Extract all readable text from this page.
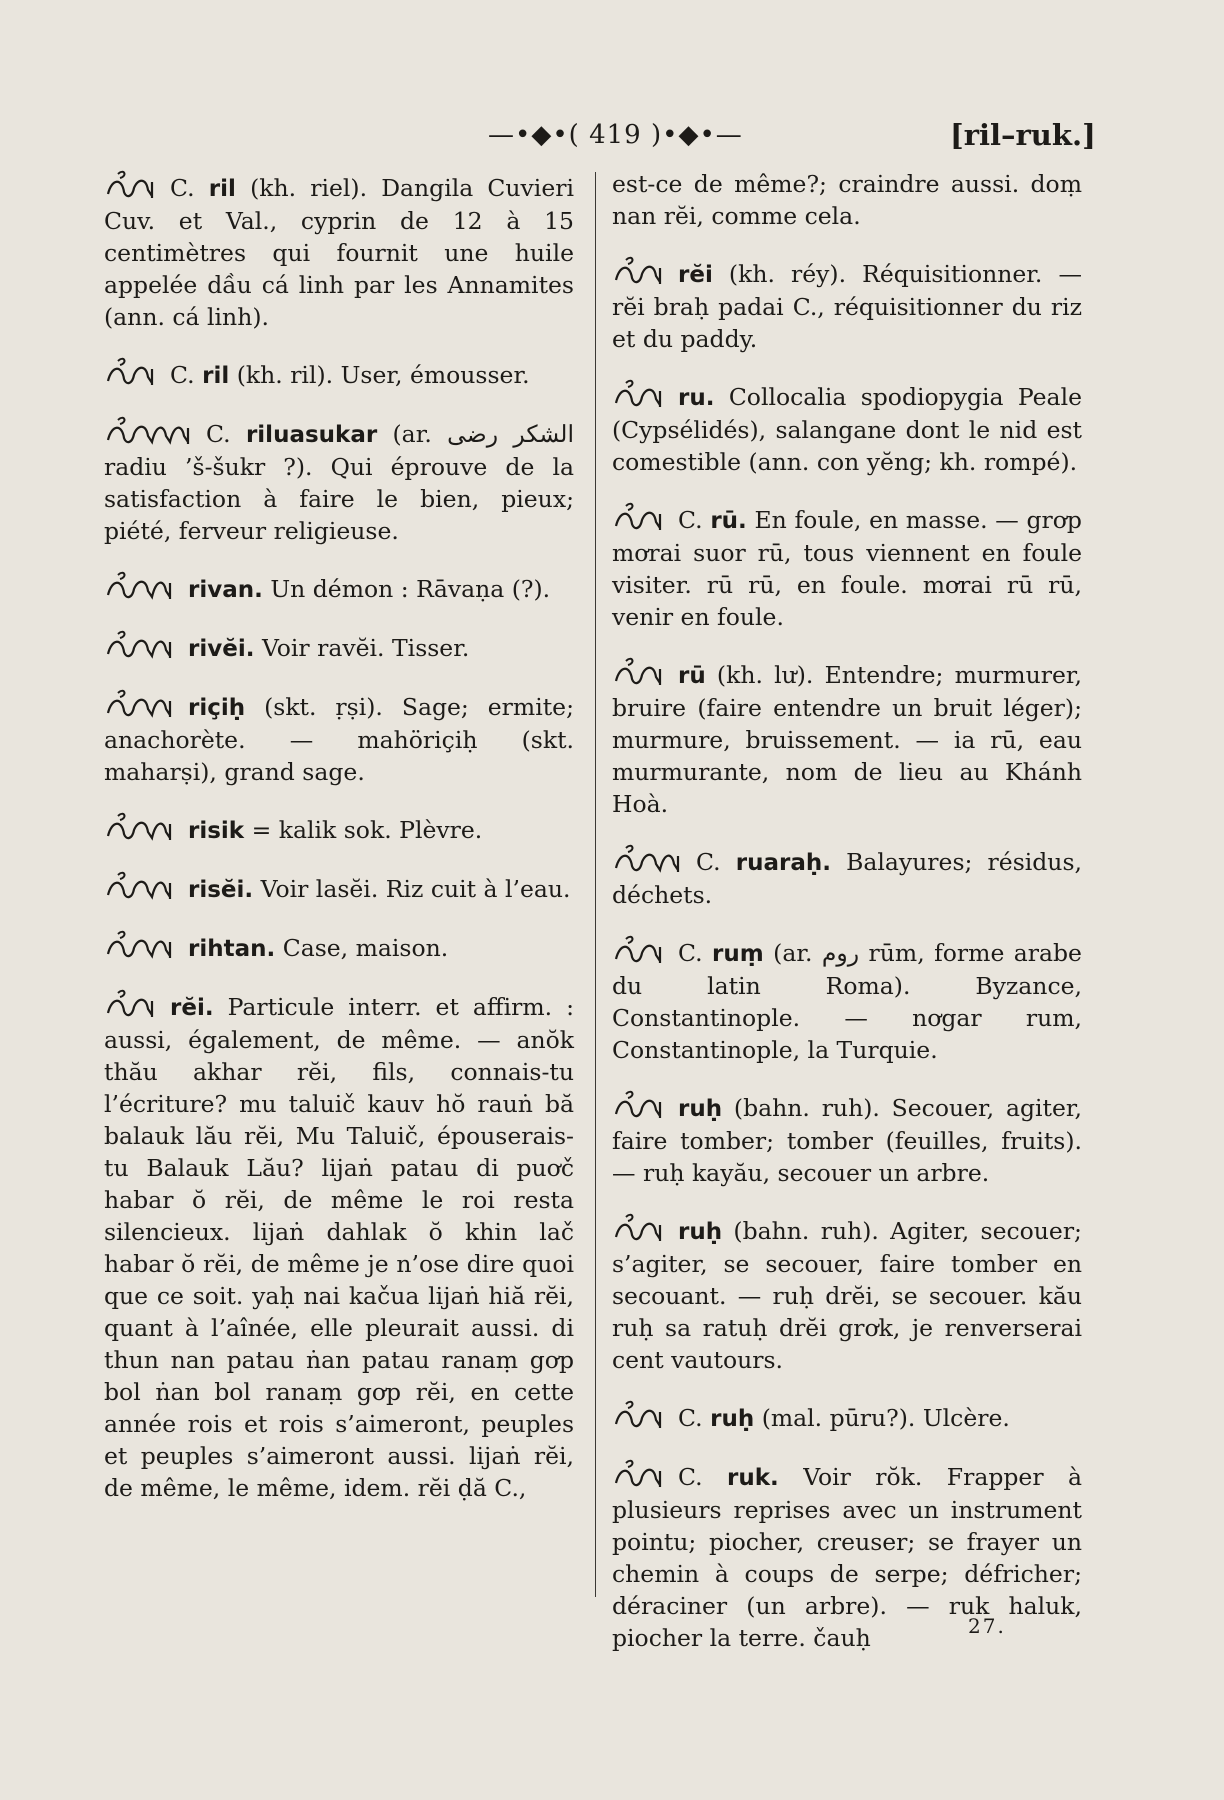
—•◆•( 419 )•◆•—	[ril–ruk.]
C. ril (kh. riel). Dangila Cuvieri Cuv. et Val., cyprin de 12 à 15 centimètres qui fournit une huile appelée dầu cá linh par les Annamites (ann. cá linh).
C. ril (kh. ril). User, émousser.
C. riluasukar (ar. الشكر رضى radiu ’š-šukr ?). Qui éprouve de la satisfaction à faire le bien, pieux; piété, ferveur religieuse.
rivan. Un démon : Rāvaṇa (?).
rivĕi. Voir ravĕi. Tisser.
riçiḥ (skt. ṛṣi). Sage; ermite; anachorète. — mahöriçiḥ (skt. maharṣi), grand sage.
risik = kalik sok. Plèvre.
risĕi. Voir lasĕi. Riz cuit à l’eau.
rihtan. Case, maison.
rĕi. Particule interr. et affirm. : aussi, également, de même. — anŏk thău akhar rĕi, fils, connais-tu l’écriture? mu taluič kauv hŏ rauṅ bă balauk lău rĕi, Mu Taluič, épouserais-tu Balauk Lău? lijaṅ patau di puơč habar ŏ rĕi, de même le roi resta silencieux. lijaṅ dahlak ŏ khin lač habar ŏ rĕi, de même je n’ose dire quoi que ce soit. yaḥ nai kačua lijaṅ hiă rĕi, quant à l’aînée, elle pleurait aussi. di thun nan patau ṅan patau ranaṃ gơp bol ṅan bol ranaṃ gơp rĕi, en cette année rois et rois s’aimeront, peuples et peuples s’aimeront aussi. lijaṅ rĕi, de même, le même, idem. rĕi ḍă C.,
est-ce de même?; craindre aussi. doṃ nan rĕi, comme cela.
rĕi (kh. réy). Réquisitionner. — rĕi braḥ padai C., réquisitionner du riz et du paddy.
ru. Collocalia spodiopygia Peale (Cypsélidés), salangane dont le nid est comestible (ann. con yĕng; kh. rompé).
C. rū. En foule, en masse. — grơp mơrai suor rū, tous viennent en foule visiter. rū rū, en foule. mơrai rū rū, venir en foule.
rū (kh. lư). Entendre; murmurer, bruire (faire entendre un bruit léger); murmure, bruissement. — ia rū, eau murmurante, nom de lieu au Khánh Hoà.
C. ruaraḥ. Balayures; résidus, déchets.
C. ruṃ (ar. روم rūm, forme arabe du latin Roma). Byzance, Constantinople. — nơgar rum, Constantinople, la Turquie.
ruḥ (bahn. ruh). Secouer, agiter, faire tomber; tomber (feuilles, fruits). — ruḥ kayău, secouer un arbre.
ruḥ (bahn. ruh). Agiter, secouer; s’agiter, se secouer, faire tomber en secouant. — ruḥ drĕi, se secouer. kău ruḥ sa ratuḥ drĕi grơk, je renverserai cent vautours.
C. ruḥ (mal. pūru?). Ulcère.
C. ruk. Voir rŏk. Frapper à plusieurs reprises avec un instrument pointu; piocher, creuser; se frayer un chemin à coups de serpe; défricher; déraciner (un arbre). — ruk haluk, piocher la terre. čauḥ	27.
